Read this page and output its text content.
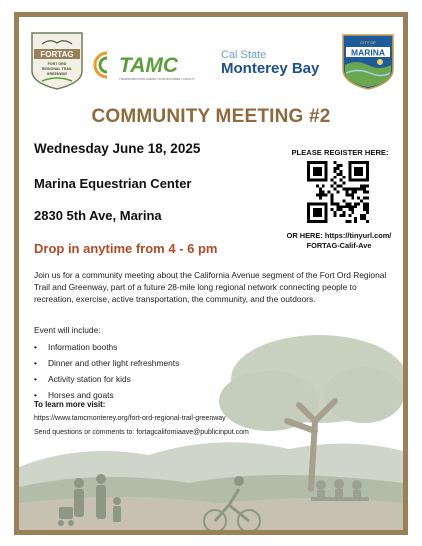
FORTAG
FORT ORD
REGIONAL TRAIL
GREENWAY TAMC
TRANSPORTATION AGENCY FOR MONTEREY COUNTY
Cal State
Monterey Bay
CITY OF
MARINA
COMMUNITY MEETING #2
Wednesday June 18, 2025
Marina Equestrian Center
2830 5th Ave, Marina
Drop in anytime from 4 - 6 pm
PLEASE REGISTER HERE:
OR HERE: https://tinyurl.com/
FORTAG-Calif-Ave
Join us for a community meeting about the California Avenue segment of the Fort Ord Regional Trail and Greenway, part of a future 28-mile long regional network connecting people to recreation, exercise, active transportation, the community, and the outdoors.
Event will include:
• Information booths
• Dinner and other light refreshments
• Activity station for kids
• Horses and goats
To learn more visit:
https://www.tamcmonterey.org/fort-ord-regional-trail-greenway
Send questions or comments to: fortagcalifomiaave@publicinput.com
